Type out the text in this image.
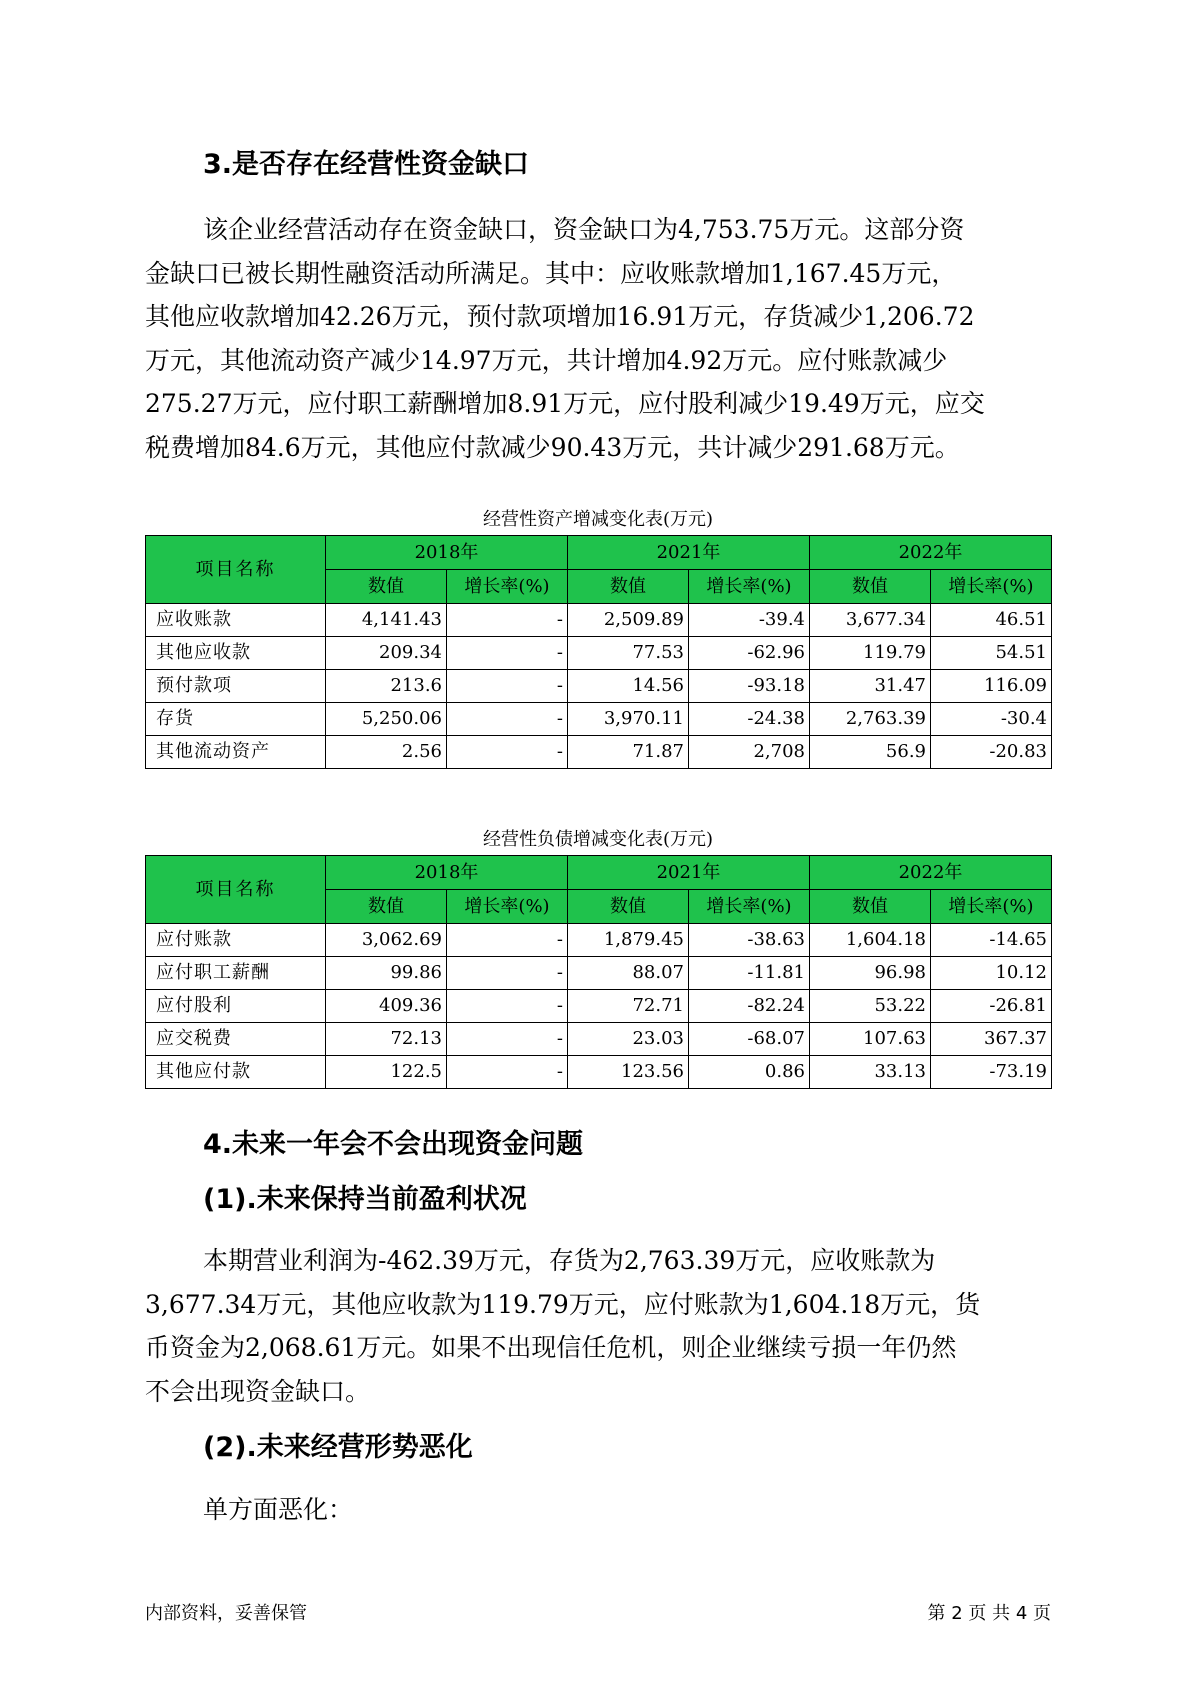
3.是否存在经营性资金缺口
该企业经营活动存在资金缺口，资金缺口为4,753.75万元。这部分资
金缺口已被长期性融资活动所满足。其中：应收账款增加1,167.45万元，
其他应收款增加42.26万元，预付款项增加16.91万元，存货减少1,206.72
万元，其他流动资产减少14.97万元，共计增加4.92万元。应付账款减少
275.27万元，应付职工薪酬增加8.91万元，应付股利减少19.49万元，应交
税费增加84.6万元，其他应付款减少90.43万元，共计减少291.68万元。
经营性资产增减变化表(万元)
项目名称	2018年		2021年		2022年	
	数值	增长率(%)	数值	增长率(%)	数值	增长率(%)
应收账款	4,141.43	-	2,509.89	-39.4	3,677.34	46.51
其他应收款	209.34	-	77.53	-62.96	119.79	54.51
预付款项	213.6	-	14.56	-93.18	31.47	116.09
存货	5,250.06	-	3,970.11	-24.38	2,763.39	-30.4
其他流动资产	2.56	-	71.87	2,708	56.9	-20.83
经营性负债增减变化表(万元)
项目名称	2018年		2021年		2022年	
	数值	增长率(%)	数值	增长率(%)	数值	增长率(%)
应付账款	3,062.69	-	1,879.45	-38.63	1,604.18	-14.65
应付职工薪酬	99.86	-	88.07	-11.81	96.98	10.12
应付股利	409.36	-	72.71	-82.24	53.22	-26.81
应交税费	72.13	-	23.03	-68.07	107.63	367.37
其他应付款	122.5	-	123.56	0.86	33.13	-73.19
4.未来一年会不会出现资金问题
(1).未来保持当前盈利状况
本期营业利润为-462.39万元，存货为2,763.39万元，应收账款为
3,677.34万元，其他应收款为119.79万元，应付账款为1,604.18万元，货
币资金为2,068.61万元。如果不出现信任危机，则企业继续亏损一年仍然
不会出现资金缺口。
(2).未来经营形势恶化
单方面恶化：
内部资料，妥善保管	第 2 页 共 4 页
